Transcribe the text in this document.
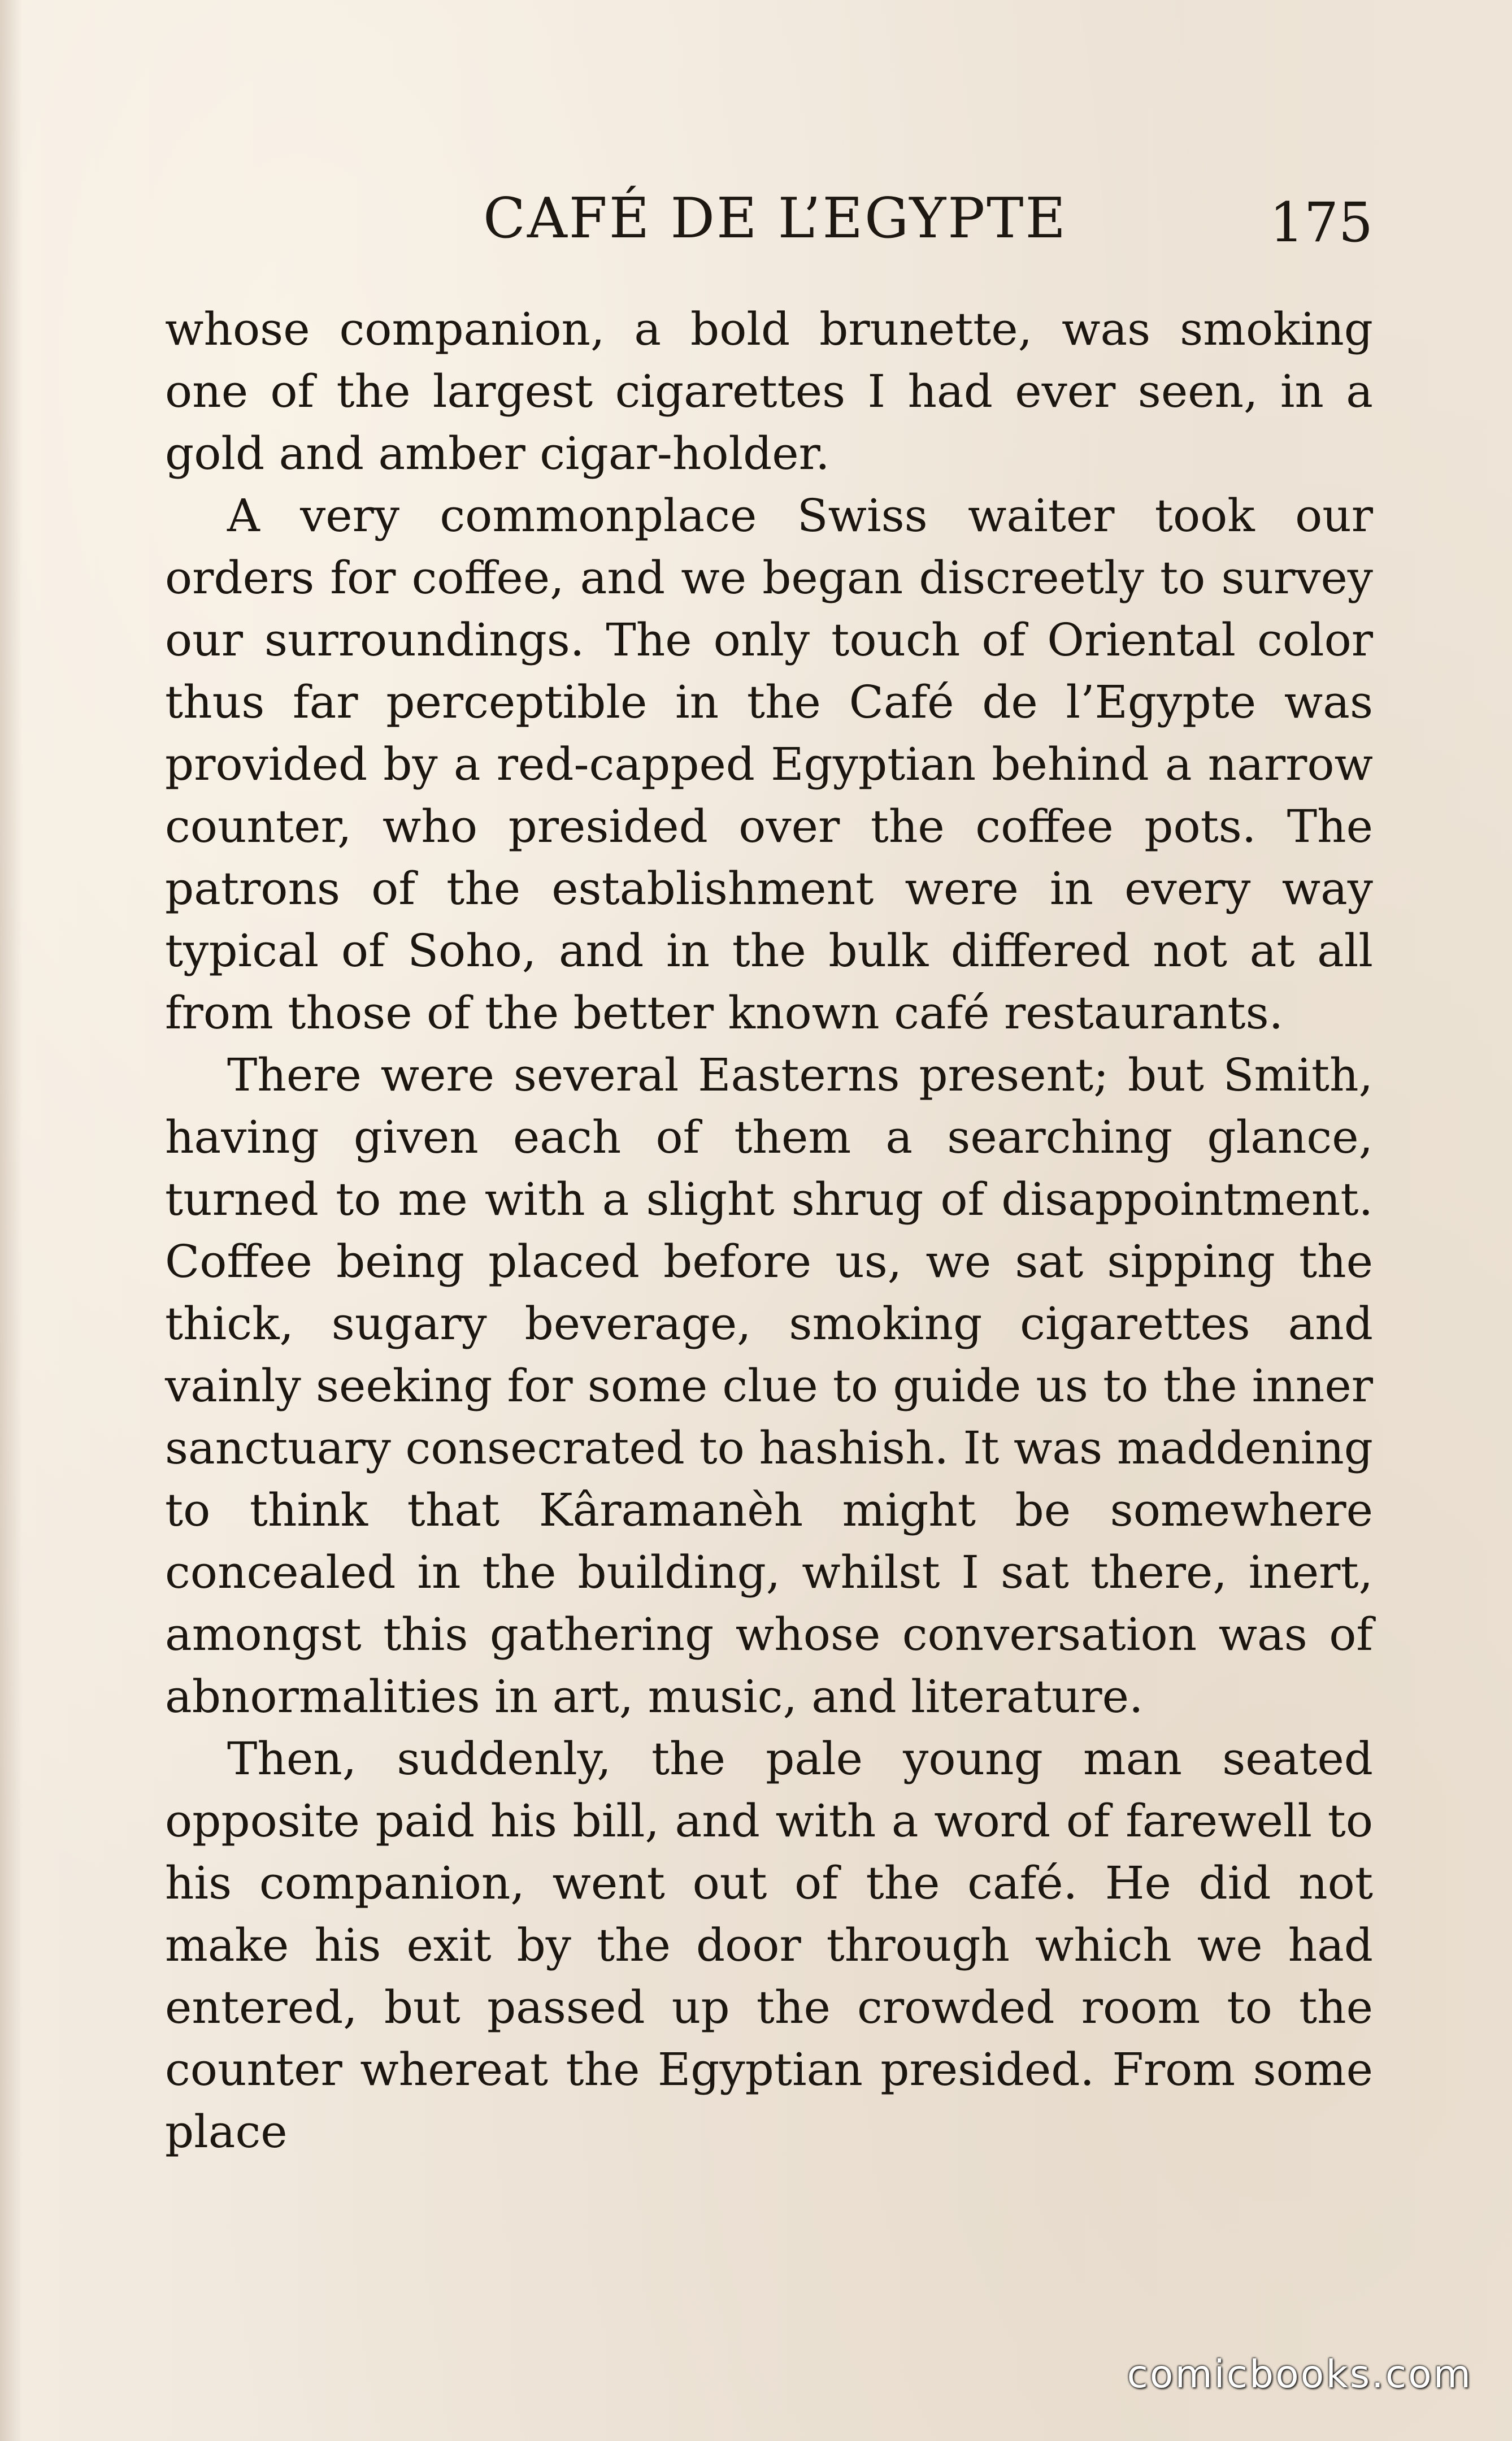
CAFÉ DE L’EGYPTE	175

whose companion, a bold brunette, was smoking one of the largest cigarettes I had ever seen, in a gold and amber cigar-holder.

A very commonplace Swiss waiter took our orders for coffee, and we began discreetly to survey our surroundings. The only touch of Oriental color thus far perceptible in the Café de l’Egypte was provided by a red-capped Egyptian behind a narrow counter, who presided over the coffee pots. The patrons of the establishment were in every way typical of Soho, and in the bulk differed not at all from those of the better known café restaurants.

There were several Easterns present; but Smith, having given each of them a searching glance, turned to me with a slight shrug of disappointment. Coffee being placed before us, we sat sipping the thick, sugary beverage, smoking cigarettes and vainly seeking for some clue to guide us to the inner sanctuary consecrated to hashish. It was maddening to think that Kâramanèh might be somewhere concealed in the building, whilst I sat there, inert, amongst this gathering whose conversation was of abnormalities in art, music, and literature.

Then, suddenly, the pale young man seated opposite paid his bill, and with a word of farewell to his companion, went out of the café. He did not make his exit by the door through which we had entered, but passed up the crowded room to the counter whereat the Egyptian presided. From some place

comicbooks.com
